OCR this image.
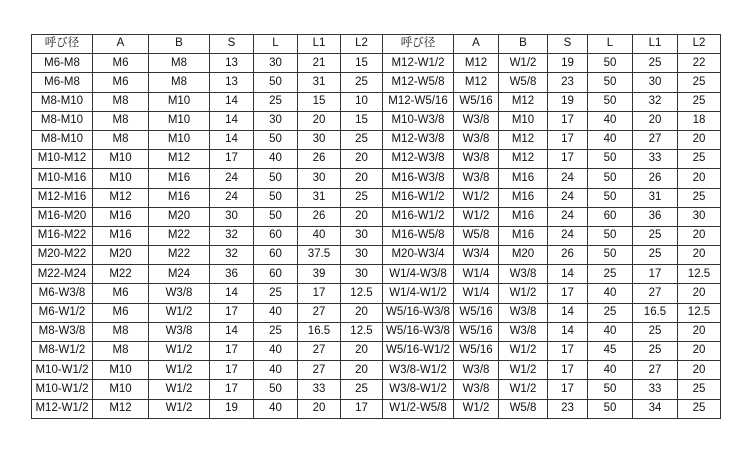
呼び径	A	B	S	L	L1	L2	呼び径	A	B	S	L	L1	L2
M6-M8	M6	M8	13	30	21	15	M12-W1/2	M12	W1/2	19	50	25	22
M6-M8	M6	M8	13	50	31	25	M12-W5/8	M12	W5/8	23	50	30	25
M8-M10	M8	M10	14	25	15	10	M12-W5/16	W5/16	M12	19	50	32	25
M8-M10	M8	M10	14	30	20	15	M10-W3/8	W3/8	M10	17	40	20	18
M8-M10	M8	M10	14	50	30	25	M12-W3/8	W3/8	M12	17	40	27	20
M10-M12	M10	M12	17	40	26	20	M12-W3/8	W3/8	M12	17	50	33	25
M10-M16	M10	M16	24	50	30	20	M16-W3/8	W3/8	M16	24	50	26	20
M12-M16	M12	M16	24	50	31	25	M16-W1/2	W1/2	M16	24	50	31	25
M16-M20	M16	M20	30	50	26	20	M16-W1/2	W1/2	M16	24	60	36	30
M16-M22	M16	M22	32	60	40	30	M16-W5/8	W5/8	M16	24	50	25	20
M20-M22	M20	M22	32	60	37.5	30	M20-W3/4	W3/4	M20	26	50	25	20
M22-M24	M22	M24	36	60	39	30	W1/4-W3/8	W1/4	W3/8	14	25	17	12.5
M6-W3/8	M6	W3/8	14	25	17	12.5	W1/4-W1/2	W1/4	W1/2	17	40	27	20
M6-W1/2	M6	W1/2	17	40	27	20	W5/16-W3/8	W5/16	W3/8	14	25	16.5	12.5
M8-W3/8	M8	W3/8	14	25	16.5	12.5	W5/16-W3/8	W5/16	W3/8	14	40	25	20
M8-W1/2	M8	W1/2	17	40	27	20	W5/16-W1/2	W5/16	W1/2	17	45	25	20
M10-W1/2	M10	W1/2	17	40	27	20	W3/8-W1/2	W3/8	W1/2	17	40	27	20
M10-W1/2	M10	W1/2	17	50	33	25	W3/8-W1/2	W3/8	W1/2	17	50	33	25
M12-W1/2	M12	W1/2	19	40	20	17	W1/2-W5/8	W1/2	W5/8	23	50	34	25
